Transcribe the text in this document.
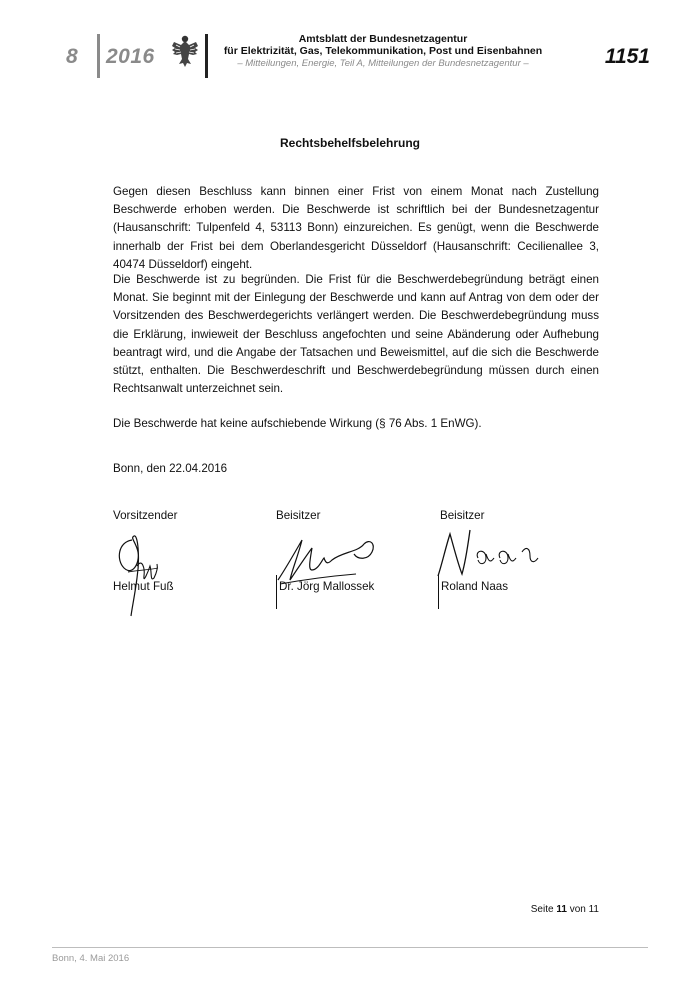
8 2016
Amtsblatt der Bundesnetzagentur
für Elektrizität, Gas, Telekommunikation, Post und Eisenbahnen
– Mitteilungen, Energie, Teil A, Mitteilungen der Bundesnetzagentur –	1151
Rechtsbehelfsbelehrung
Gegen diesen Beschluss kann binnen einer Frist von einem Monat nach Zustellung Beschwerde erhoben werden. Die Beschwerde ist schriftlich bei der Bundesnetzagentur (Hausanschrift: Tulpenfeld 4, 53113 Bonn) einzureichen. Es genügt, wenn die Beschwerde innerhalb der Frist bei dem Oberlandesgericht Düsseldorf (Hausanschrift: Cecilienallee 3, 40474 Düsseldorf) eingeht.
Die Beschwerde ist zu begründen. Die Frist für die Beschwerdebegründung beträgt einen Monat. Sie beginnt mit der Einlegung der Beschwerde und kann auf Antrag von dem oder der Vorsitzenden des Beschwerdegerichts verlängert werden. Die Beschwerdebegründung muss die Erklärung, inwieweit der Beschluss angefochten und seine Abänderung oder Aufhebung beantragt wird, und die Angabe der Tatsachen und Beweismittel, auf die sich die Beschwerde stützt, enthalten. Die Beschwerdeschrift und Beschwerdebegründung müssen durch einen Rechtsanwalt unterzeichnet sein.
Die Beschwerde hat keine aufschiebende Wirkung (§ 76 Abs. 1 EnWG).
Bonn, den 22.04.2016
Vorsitzender	Beisitzer	Beisitzer
Helmut Fuß	Dr. Jörg Mallossek	Roland Naas
Seite 11 von 11
Bonn, 4. Mai 2016
